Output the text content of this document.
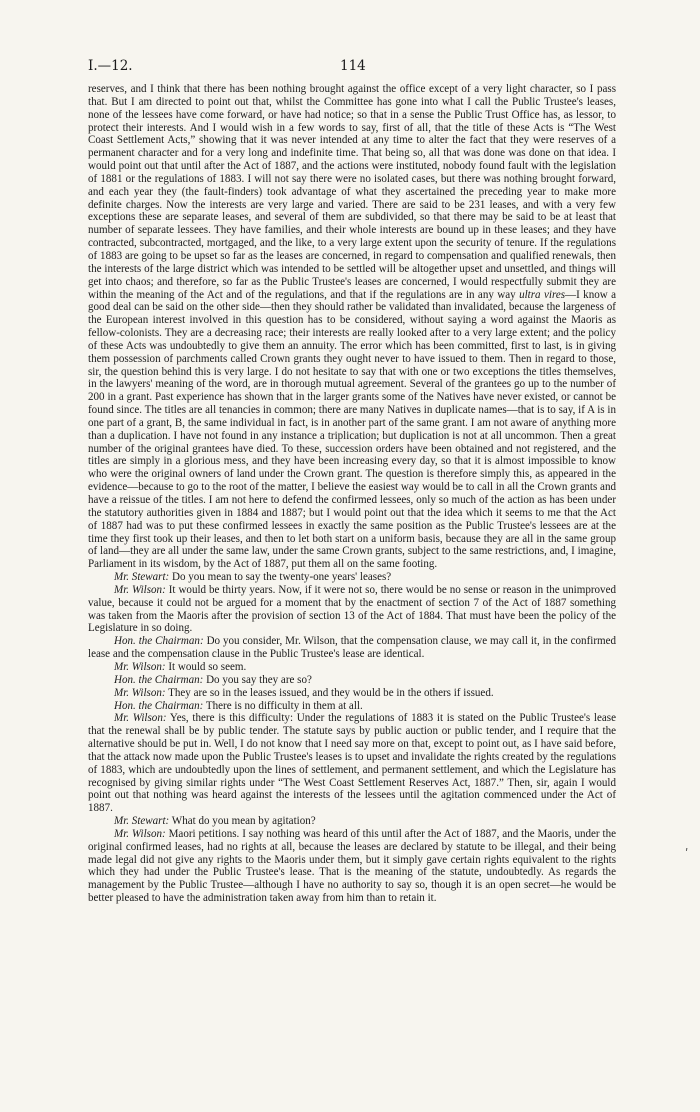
I.—12.	114

reserves, and I think that there has been nothing brought against the office except of a very light character, so I pass that. But I am directed to point out that, whilst the Committee has gone into what I call the Public Trustee's leases, none of the lessees have come forward, or have had notice; so that in a sense the Public Trust Office has, as lessor, to protect their interests. And I would wish in a few words to say, first of all, that the title of these Acts is “The West Coast Settlement Acts,” showing that it was never intended at any time to alter the fact that they were reserves of a permanent character and for a very long and indefinite time. That being so, all that was done was done on that idea. I would point out that until after the Act of 1887, and the actions were instituted, nobody found fault with the legislation of 1881 or the regulations of 1883. I will not say there were no isolated cases, but there was nothing brought forward, and each year they (the fault-finders) took advantage of what they ascertained the preceding year to make more definite charges. Now the interests are very large and varied. There are said to be 231 leases, and with a very few exceptions these are separate leases, and several of them are subdivided, so that there may be said to be at least that number of separate lessees. They have families, and their whole interests are bound up in these leases; and they have contracted, subcontracted, mortgaged, and the like, to a very large extent upon the security of tenure. If the regulations of 1883 are going to be upset so far as the leases are concerned, in regard to compensation and qualified renewals, then the interests of the large district which was intended to be settled will be altogether upset and unsettled, and things will get into chaos; and therefore, so far as the Public Trustee's leases are concerned, I would respectfully submit they are within the meaning of the Act and of the regulations, and that if the regulations are in any way ultra vires—I know a good deal can be said on the other side—then they should rather be validated than invalidated, because the largeness of the European interest involved in this question has to be considered, without saying a word against the Maoris as fellow-colonists. They are a decreasing race; their interests are really looked after to a very large extent; and the policy of these Acts was undoubtedly to give them an annuity. The error which has been committed, first to last, is in giving them possession of parchments called Crown grants they ought never to have issued to them. Then in regard to those, sir, the question behind this is very large. I do not hesitate to say that with one or two exceptions the titles themselves, in the lawyers' meaning of the word, are in thorough mutual agreement. Several of the grantees go up to the number of 200 in a grant. Past experience has shown that in the larger grants some of the Natives have never existed, or cannot be found since. The titles are all tenancies in common; there are many Natives in duplicate names—that is to say, if A is in one part of a grant, B, the same individual in fact, is in another part of the same grant. I am not aware of anything more than a duplication. I have not found in any instance a triplication; but duplication is not at all uncommon. Then a great number of the original grantees have died. To these, succession orders have been obtained and not registered, and the titles are simply in a glorious mess, and they have been increasing every day, so that it is almost impossible to know who were the original owners of land under the Crown grant. The question is therefore simply this, as appeared in the evidence—because to go to the root of the matter, I believe the easiest way would be to call in all the Crown grants and have a reissue of the titles. I am not here to defend the confirmed lessees, only so much of the action as has been under the statutory authorities given in 1884 and 1887; but I would point out that the idea which it seems to me that the Act of 1887 had was to put these confirmed lessees in exactly the same position as the Public Trustee's lessees are at the time they first took up their leases, and then to let both start on a uniform basis, because they are all in the same group of land—they are all under the same law, under the same Crown grants, subject to the same restrictions, and, I imagine, Parliament in its wisdom, by the Act of 1887, put them all on the same footing.

Mr. Stewart: Do you mean to say the twenty-one years' leases?

Mr. Wilson: It would be thirty years. Now, if it were not so, there would be no sense or reason in the unimproved value, because it could not be argued for a moment that by the enactment of section 7 of the Act of 1887 something was taken from the Maoris after the provision of section 13 of the Act of 1884. That must have been the policy of the Legislature in so doing.

Hon. the Chairman: Do you consider, Mr. Wilson, that the compensation clause, we may call it, in the confirmed lease and the compensation clause in the Public Trustee's lease are identical.

Mr. Wilson: It would so seem.

Hon. the Chairman: Do you say they are so?

Mr. Wilson: They are so in the leases issued, and they would be in the others if issued.

Hon. the Chairman: There is no difficulty in them at all.

Mr. Wilson: Yes, there is this difficulty: Under the regulations of 1883 it is stated on the Public Trustee's lease that the renewal shall be by public tender. The statute says by public auction or public tender, and I require that the alternative should be put in. Well, I do not know that I need say more on that, except to point out, as I have said before, that the attack now made upon the Public Trustee's leases is to upset and invalidate the rights created by the regulations of 1883, which are undoubtedly upon the lines of settlement, and permanent settlement, and which the Legislature has recognised by giving similar rights under “The West Coast Settlement Reserves Act, 1887.” Then, sir, again I would point out that nothing was heard against the interests of the lessees until the agitation commenced under the Act of 1887.

Mr. Stewart: What do you mean by agitation?

Mr. Wilson: Maori petitions. I say nothing was heard of this until after the Act of 1887, and the Maoris, under the original confirmed leases, had no rights at all, because the leases are declared by statute to be illegal, and their being made legal did not give any rights to the Maoris under them, but it simply gave certain rights equivalent to the rights which they had under the Public Trustee's lease. That is the meaning of the statute, undoubtedly. As regards the management by the Public Trustee—although I have no authority to say so, though it is an open secret—he would be better pleased to have the administration taken away from him than to retain it.

ʹ
